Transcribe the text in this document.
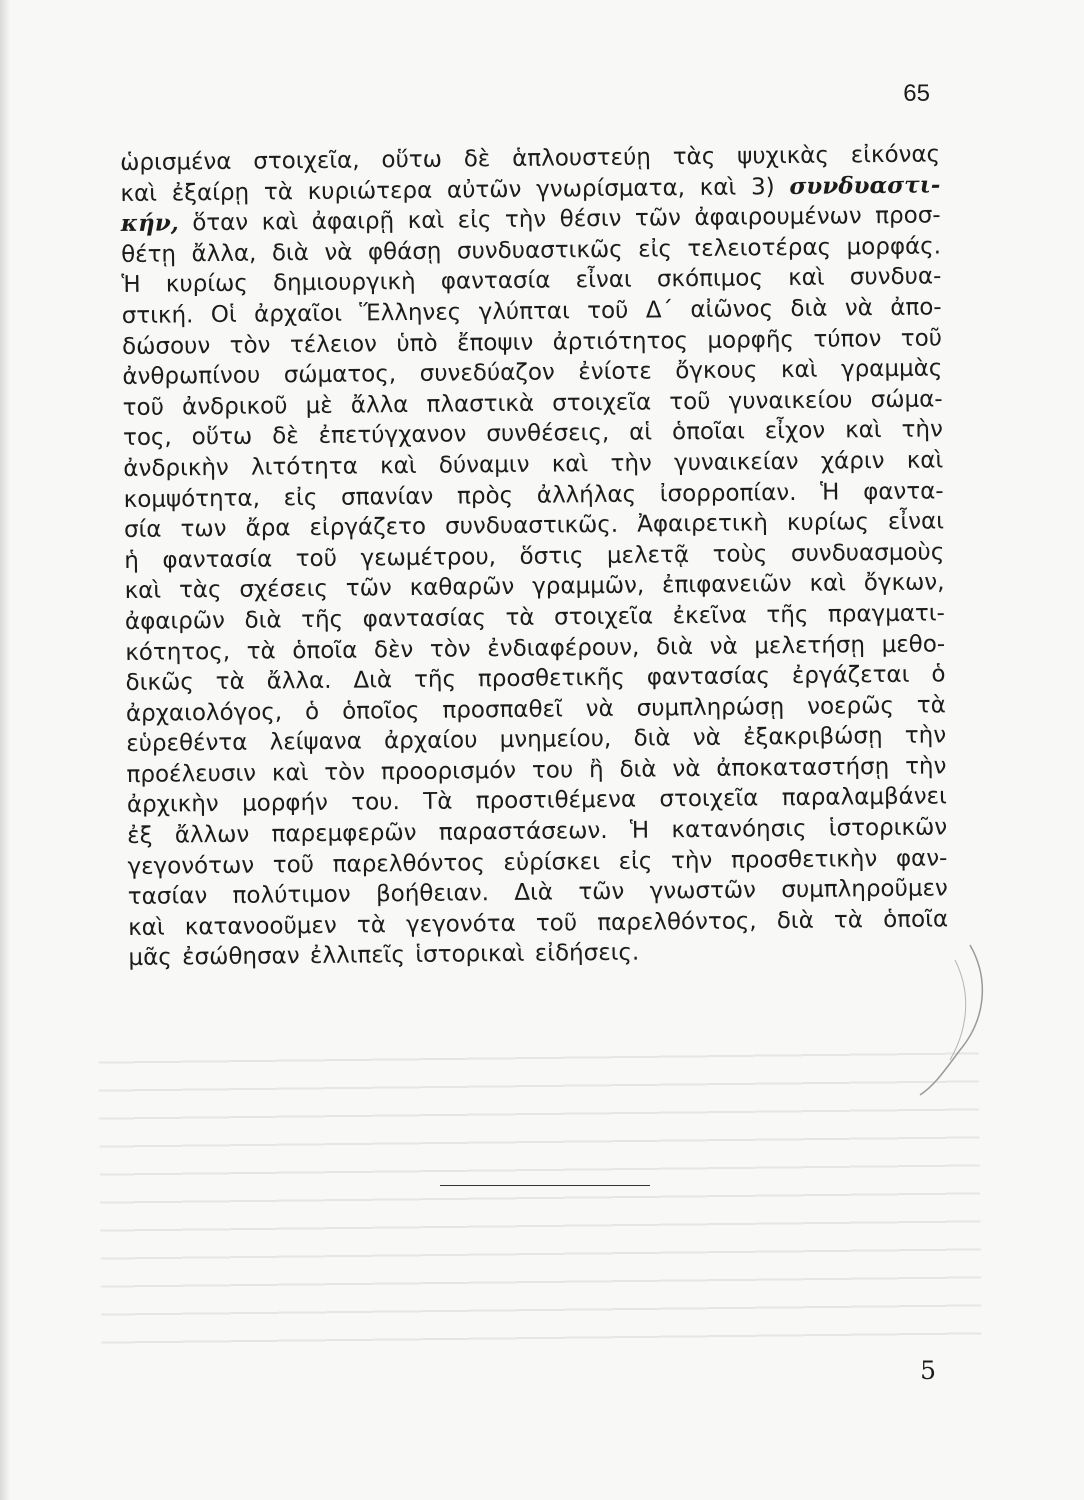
65
ὡρισμένα στοιχεῖα, οὕτω δὲ ἁπλουστεύῃ τὰς ψυχικὰς εἰκόνας
καὶ ἐξαίρῃ τὰ κυριώτερα αὐτῶν γνωρίσματα, καὶ 3) συνδυαστι-
κήν, ὅταν καὶ ἀφαιρῇ καὶ εἰς τὴν θέσιν τῶν ἀφαιρουμένων προσ-
θέτῃ ἄλλα, διὰ νὰ φθάσῃ συνδυαστικῶς εἰς τελειοτέρας μορφάς.
Ἡ κυρίως δημιουργικὴ φαντασία εἶναι σκόπιμος καὶ συνδυα-
στική. Οἱ ἀρχαῖοι Ἕλληνες γλύπται τοῦ Δ´ αἰῶνος διὰ νὰ ἀπο-
δώσουν τὸν τέλειον ὑπὸ ἔποψιν ἀρτιότητος μορφῆς τύπον τοῦ
ἀνθρωπίνου σώματος, συνεδύαζον ἐνίοτε ὄγκους καὶ γραμμὰς
τοῦ ἀνδρικοῦ μὲ ἄλλα πλαστικὰ στοιχεῖα τοῦ γυναικείου σώμα-
τος, οὕτω δὲ ἐπετύγχανον συνθέσεις, αἱ ὁποῖαι εἶχον καὶ τὴν
ἀνδρικὴν λιτότητα καὶ δύναμιν καὶ τὴν γυναικείαν χάριν καὶ
κομψότητα, εἰς σπανίαν πρὸς ἀλλήλας ἰσορροπίαν. Ἡ φαντα-
σία των ἄρα εἰργάζετο συνδυαστικῶς. Ἀφαιρετικὴ κυρίως εἶναι
ἡ φαντασία τοῦ γεωμέτρου, ὅστις μελετᾷ τοὺς συνδυασμοὺς
καὶ τὰς σχέσεις τῶν καθαρῶν γραμμῶν, ἐπιφανειῶν καὶ ὄγκων,
ἀφαιρῶν διὰ τῆς φαντασίας τὰ στοιχεῖα ἐκεῖνα τῆς πραγματι-
κότητος, τὰ ὁποῖα δὲν τὸν ἐνδιαφέρουν, διὰ νὰ μελετήσῃ μεθο-
δικῶς τὰ ἄλλα. Διὰ τῆς προσθετικῆς φαντασίας ἐργάζεται ὁ
ἀρχαιολόγος, ὁ ὁποῖος προσπαθεῖ νὰ συμπληρώσῃ νοερῶς τὰ
εὑρεθέντα λείψανα ἀρχαίου μνημείου, διὰ νὰ ἐξακριβώσῃ τὴν
προέλευσιν καὶ τὸν προορισμόν του ἢ διὰ νὰ ἀποκαταστήσῃ τὴν
ἀρχικὴν μορφήν του. Τὰ προστιθέμενα στοιχεῖα παραλαμβάνει
ἐξ ἄλλων παρεμφερῶν παραστάσεων. Ἡ κατανόησις ἱστορικῶν
γεγονότων τοῦ παρελθόντος εὑρίσκει εἰς τὴν προσθετικὴν φαν-
τασίαν πολύτιμον βοήθειαν. Διὰ τῶν γνωστῶν συμπληροῦμεν
καὶ κατανοοῦμεν τὰ γεγονότα τοῦ παρελθόντος, διὰ τὰ ὁποῖα
μᾶς ἐσώθησαν ἐλλιπεῖς ἱστορικαὶ εἰδήσεις.
5
